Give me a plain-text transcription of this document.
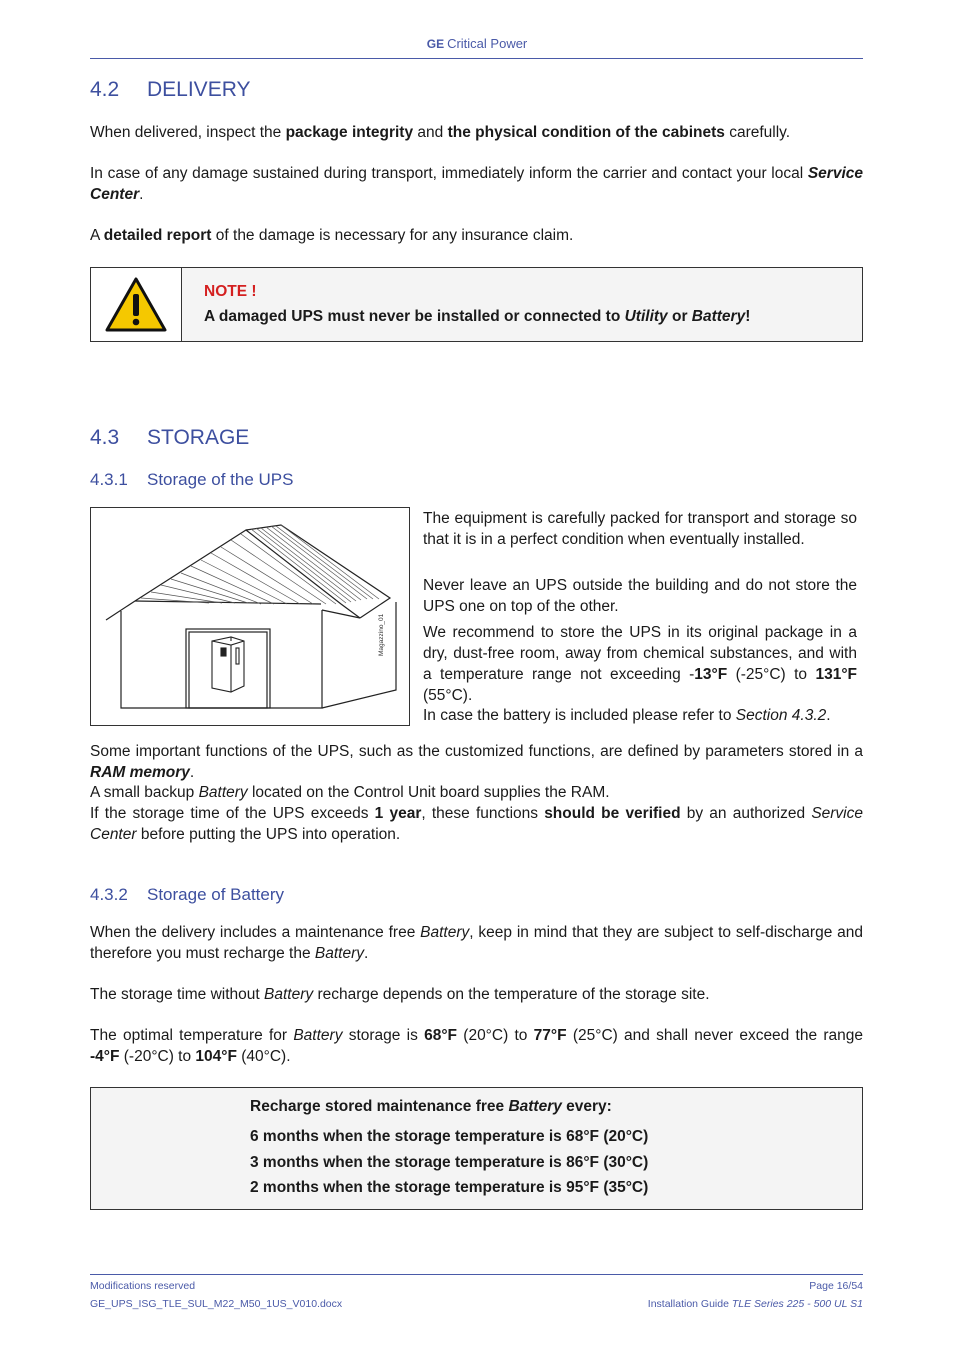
GE Critical Power
4.2 DELIVERY
When delivered, inspect the package integrity and the physical condition of the cabinets carefully.
In case of any damage sustained during transport, immediately inform the carrier and contact your local Service Center.
A detailed report of the damage is necessary for any insurance claim.
NOTE !
A damaged UPS must never be installed or connected to Utility or Battery!
4.3 STORAGE
4.3.1 Storage of the UPS
Magazzino_01
The equipment is carefully packed for transport and storage so that it is in a perfect condition when eventually installed.
Never leave an UPS outside the building and do not store the UPS one on top of the other.
We recommend to store the UPS in its original package in a dry, dust-free room, away from chemical substances, and with a temperature range not exceeding -13°F (-25°C) to 131°F (55°C).
In case the battery is included please refer to Section 4.3.2.
Some important functions of the UPS, such as the customized functions, are defined by parameters stored in a RAM memory.
A small backup Battery located on the Control Unit board supplies the RAM.
If the storage time of the UPS exceeds 1 year, these functions should be verified by an authorized Service Center before putting the UPS into operation.
4.3.2 Storage of Battery
When the delivery includes a maintenance free Battery, keep in mind that they are subject to self-discharge and therefore you must recharge the Battery.
The storage time without Battery recharge depends on the temperature of the storage site.
The optimal temperature for Battery storage is 68°F (20°C) to 77°F (25°C) and shall never exceed the range -4°F (-20°C) to 104°F (40°C).
Recharge stored maintenance free Battery every:
6 months when the storage temperature is 68°F (20°C)
3 months when the storage temperature is 86°F (30°C)
2 months when the storage temperature is 95°F (35°C)
Modifications reserved
GE_UPS_ISG_TLE_SUL_M22_M50_1US_V010.docx
Page 16/54
Installation Guide TLE Series 225 - 500 UL S1
